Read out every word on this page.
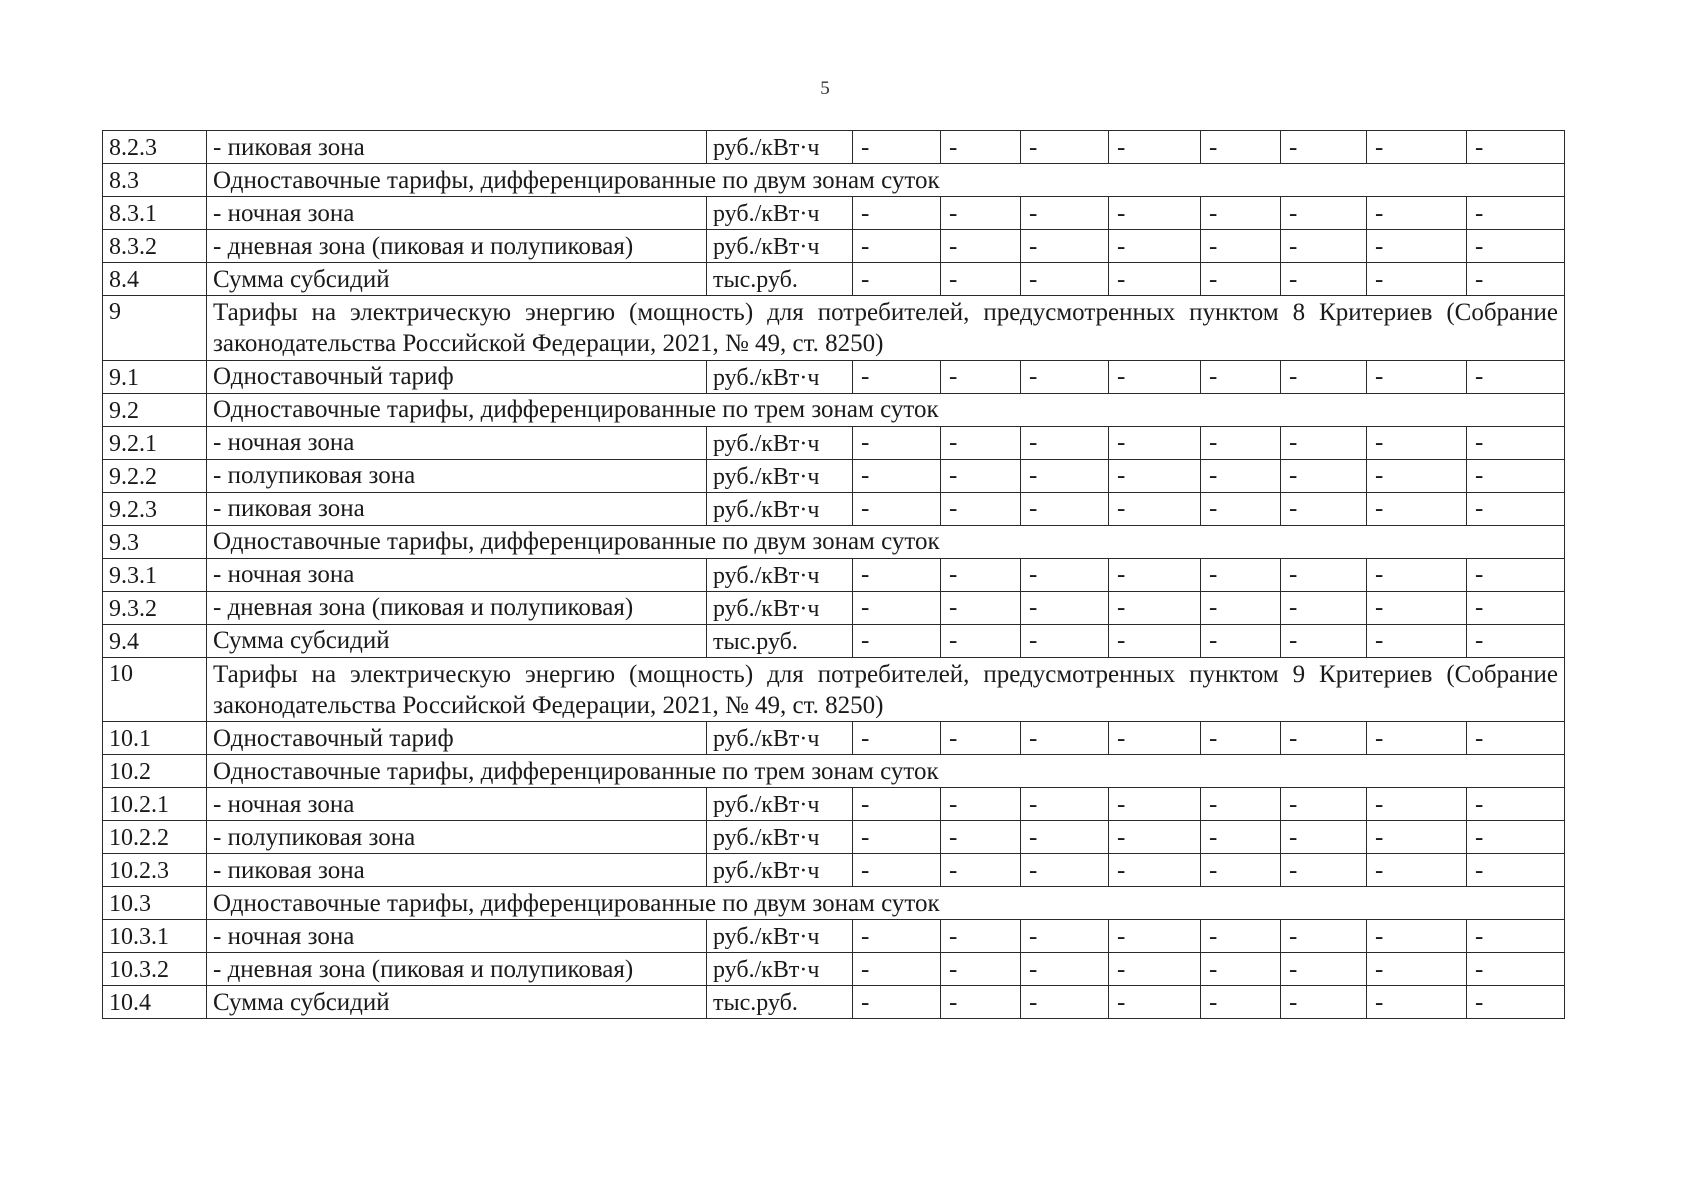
5
8.2.3	- пиковая зона	руб./кВт·ч	-	-	-	-	-	-	-	-
8.3	Одноставочные тарифы, дифференцированные по двум зонам суток									
8.3.1	- ночная зона	руб./кВт·ч	-	-	-	-	-	-	-	-
8.3.2	- дневная зона (пиковая и полупиковая)	руб./кВт·ч	-	-	-	-	-	-	-	-
8.4	Сумма субсидий	тыс.руб.	-	-	-	-	-	-	-	-
9	Тарифы на электрическую энергию (мощность) для потребителей, предусмотренных пунктом 8 Критериев (Собрание законодательства Российской Федерации, 2021, № 49, ст. 8250)									
9.1	Одноставочный тариф	руб./кВт·ч	-	-	-	-	-	-	-	-
9.2	Одноставочные тарифы, дифференцированные по трем зонам суток									
9.2.1	- ночная зона	руб./кВт·ч	-	-	-	-	-	-	-	-
9.2.2	- полупиковая зона	руб./кВт·ч	-	-	-	-	-	-	-	-
9.2.3	- пиковая зона	руб./кВт·ч	-	-	-	-	-	-	-	-
9.3	Одноставочные тарифы, дифференцированные по двум зонам суток									
9.3.1	- ночная зона	руб./кВт·ч	-	-	-	-	-	-	-	-
9.3.2	- дневная зона (пиковая и полупиковая)	руб./кВт·ч	-	-	-	-	-	-	-	-
9.4	Сумма субсидий	тыс.руб.	-	-	-	-	-	-	-	-
10	Тарифы на электрическую энергию (мощность) для потребителей, предусмотренных пунктом 9 Критериев (Собрание законодательства Российской Федерации, 2021, № 49, ст. 8250)									
10.1	Одноставочный тариф	руб./кВт·ч	-	-	-	-	-	-	-	-
10.2	Одноставочные тарифы, дифференцированные по трем зонам суток									
10.2.1	- ночная зона	руб./кВт·ч	-	-	-	-	-	-	-	-
10.2.2	- полупиковая зона	руб./кВт·ч	-	-	-	-	-	-	-	-
10.2.3	- пиковая зона	руб./кВт·ч	-	-	-	-	-	-	-	-
10.3	Одноставочные тарифы, дифференцированные по двум зонам суток									
10.3.1	- ночная зона	руб./кВт·ч	-	-	-	-	-	-	-	-
10.3.2	- дневная зона (пиковая и полупиковая)	руб./кВт·ч	-	-	-	-	-	-	-	-
10.4	Сумма субсидий	тыс.руб.	-	-	-	-	-	-	-	-
